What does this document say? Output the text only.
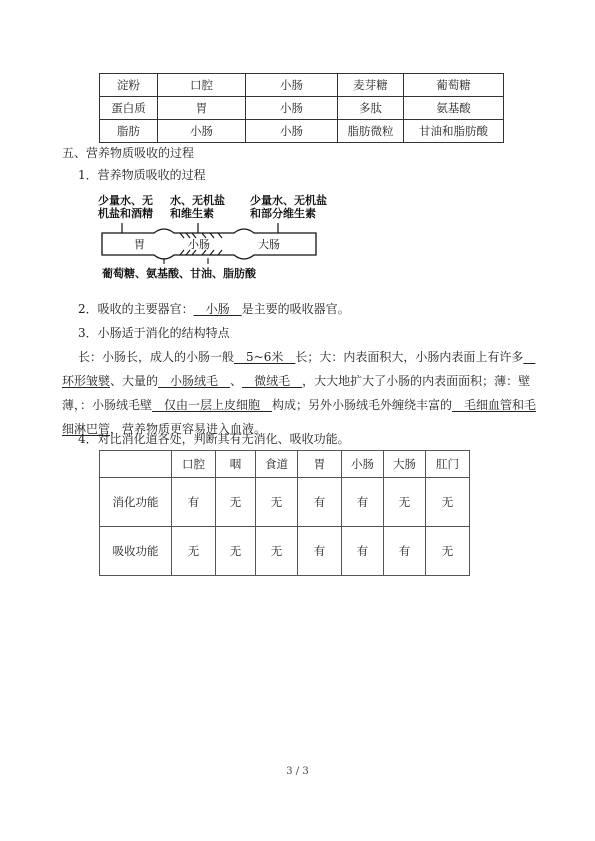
淀粉	口腔	小肠	麦芽糖	葡萄糖
蛋白质	胃	小肠	多肽	氨基酸
脂肪	小肠	小肠	脂肪微粒	甘油和脂肪酸
五、营养物质吸收的过程
1．营养物质吸收的过程
少量水、无
机盐和酒精
水、无机盐
和维生素
少量水、无机盐
和部分维生素
胃	小肠	大肠
葡萄糖、氨基酸、甘油、脂肪酸
2．吸收的主要器官：__小肠__是主要的吸收器官。
3．小肠适于消化的结构特点
长：小肠长，成人的小肠一般__5~6米__长；大：内表面积大，小肠内表面上有许多__
环形皱襞、大量的__小肠绒毛__、__微绒毛__，大大地扩大了小肠的内表面面积；薄：壁
薄，：小肠绒毛壁__仅由一层上皮细胞__构成；另外小肠绒毛外缠绕丰富的__毛细血管和毛
细淋巴管，营养物质更容易进入血液。
4．对比消化道各处，判断其有无消化、吸收功能。
	口腔	咽	食道	胃	小肠	大肠	肛门
消化功能	有	无	无	有	有	无	无
吸收功能	无	无	无	有	有	有	无
3 / 3
